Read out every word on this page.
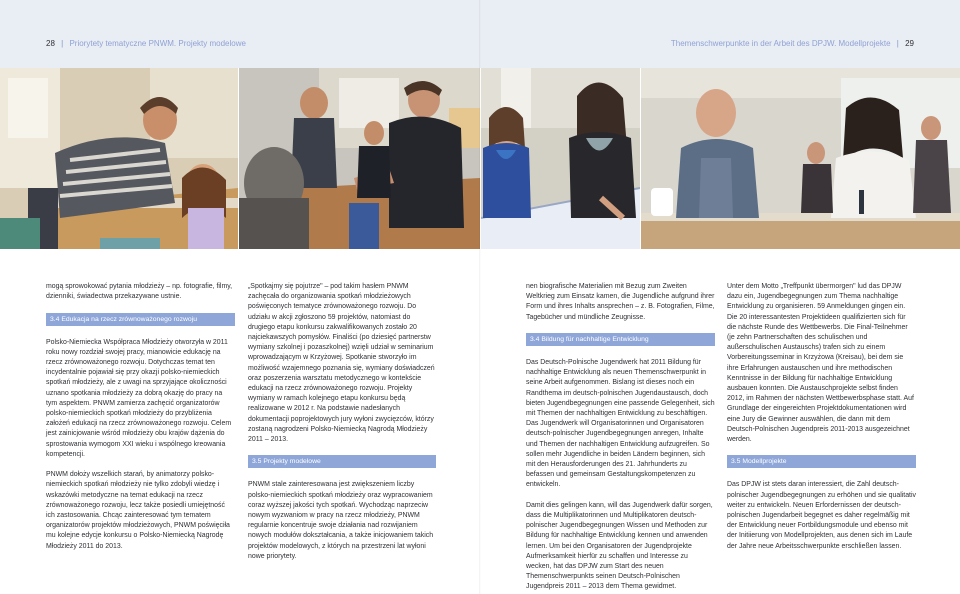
28 | Priorytety tematyczne PNWM. Projekty modelowe	Themenschwerpunkte in der Arbeit des DPJW. Modellprojekte | 29

mogą sprowokować pytania młodzieży – np. fotografie, filmy, dzienniki, świadectwa przekazywane ustnie.

3.4 Edukacja na rzecz zrównoważonego rozwoju

Polsko-Niemiecka Współpraca Młodzieży otworzyła w 2011 roku nowy rozdział swojej pracy, mianowicie edukację na rzecz zrównoważonego rozwoju. Dotychczas temat ten incydentalnie pojawiał się przy okazji polsko-niemieckich spotkań młodzieży, ale z uwagi na sprzyjające okoliczności uznano spotkania młodzieży za dobrą okazję do pracy na tym aspektem. PNWM zamierza zachęcić organizatorów polsko-niemieckich spotkań młodzieży do przybliżenia założeń edukacji na rzecz zrównoważonego rozwoju. Celem jest zainicjowanie wśród młodzieży obu krajów dążenia do sprostowania wymogom XXI wieku i wspólnego kreowania kompetencji.

PNWM dołoży wszelkich starań, by animatorzy polsko-niemieckich spotkań młodzieży nie tylko zdobyli wiedzę i wskazówki metodyczne na temat edukacji na rzecz zrównoważonego rozwoju, lecz także posiedli umiejętność ich zastosowania. Chcąc zainteresować tym tematem organizatorów projektów młodzieżowych, PNWM poświęciła mu kolejne edycje konkursu o Polsko-Niemiecką Nagrodę Młodzieży 2011 do 2013.

„Spotkajmy się pojutrze" – pod takim hasłem PNWM zachęcała do organizowania spotkań młodzieżowych poświęconych tematyce zrównoważonego rozwoju. Do udziału w akcji zgłoszono 59 projektów, natomiast do drugiego etapu konkursu zakwalifikowanych zostało 20 najciekawszych pomysłów. Finaliści (po dziesięć partnerstw wymiany szkolnej i pozaszkolnej) wzięli udział w seminarium wprowadzającym w Krzyżowej. Spotkanie stworzyło im możliwość wzajemnego poznania się, wymiany doświadczeń oraz poszerzenia warsztatu metodycznego w kontekście edukacji na rzecz zrównoważonego rozwoju. Projekty wymiany w ramach kolejnego etapu konkursu będą realizowane w 2012 r. Na podstawie nadesłanych dokumentacji poprojektowych jury wyłoni zwycięzców, którzy zostaną nagrodzeni Polsko-Niemiecką Nagrodą Młodzieży 2011 – 2013.

3.5 Projekty modelowe

PNWM stale zainteresowana jest zwiększeniem liczby polsko-niemieckich spotkań młodzieży oraz wypracowaniem coraz wyższej jakości tych spotkań. Wychodząc naprzeciw nowym wyzwaniom w pracy na rzecz młodzieży, PNWM regularnie koncentruje swoje działania nad rozwijaniem nowych modułów dokształcania, a także inicjowaniem takich projektów modelowych, z których na przestrzeni lat wyłoni nowe priorytety.

nen biografische Materialien mit Bezug zum Zweiten Weltkrieg zum Einsatz kamen, die Jugendliche aufgrund ihrer Form und ihres Inhalts ansprechen – z. B. Fotografien, Filme, Tagebücher und mündliche Zeugnisse.

3.4 Bildung für nachhaltige Entwicklung

Das Deutsch-Polnische Jugendwerk hat 2011 Bildung für nachhaltige Entwicklung als neuen Themenschwerpunkt in seine Arbeit aufgenommen. Bislang ist dieses noch ein Randthema im deutsch-polnischen Jugendaustausch, doch bieten Jugendbegegnungen eine passende Gelegenheit, sich mit Themen der nachhaltigen Entwicklung zu beschäftigen. Das Jugendwerk will Organisatorinnen und Organisatoren deutsch-polnischer Jugendbegegnungen anregen, Inhalte und Themen der nachhaltigen Entwicklung aufzugreifen. So sollen mehr Jugendliche in beiden Ländern beginnen, sich mit den Herausforderungen des 21. Jahrhunderts zu befassen und gemeinsam Gestaltungskompetenzen zu entwickeln.

Damit dies gelingen kann, will das Jugendwerk dafür sorgen, dass die Multiplikatorinnen und Multiplikatoren deutsch-polnischer Jugendbegegnungen Wissen und Methoden zur Bildung für nachhaltige Entwicklung kennen und anwenden lernen. Um bei den Organisatoren der Jugendprojekte Aufmerksamkeit hierfür zu schaffen und Interesse zu wecken, hat das DPJW zum Start des neuen Themenschwerpunkts seinen Deutsch-Polnischen Jugendpreis 2011 – 2013 dem Thema gewidmet.

Unter dem Motto „Treffpunkt übermorgen" lud das DPJW dazu ein, Jugendbegegnungen zum Thema nachhaltige Entwicklung zu organisieren. 59 Anmeldungen gingen ein. Die 20 interessantesten Projektideen qualifizierten sich für die nächste Runde des Wettbewerbs. Die Final-Teilnehmer (je zehn Partnerschaften des schulischen und außerschulischen Austauschs) trafen sich zu einem Vorbereitungsseminar in Krzyżowa (Kreisau), bei dem sie ihre Erfahrungen austauschen und ihre methodischen Kenntnisse in der Bildung für nachhaltige Entwicklung ausbauen konnten. Die Austauschprojekte selbst finden 2012, im Rahmen der nächsten Wettbewerbsphase statt. Auf Grundlage der eingereichten Projektdokumentationen wird eine Jury die Gewinner auswählen, die dann mit dem Deutsch-Polnischen Jugendpreis 2011-2013 ausgezeichnet werden.

3.5 Modellprojekte

Das DPJW ist stets daran interessiert, die Zahl deutsch-polnischer Jugendbegegnungen zu erhöhen und sie qualitativ weiter zu entwickeln. Neuen Erfordernissen der deutsch-polnischen Jugendarbeit begegnet es daher regelmäßig mit der Entwicklung neuer Fortbildungsmodule und ebenso mit der Initiierung von Modellprojekten, aus denen sich im Laufe der Jahre neue Arbeitsschwerpunkte erschließen lassen.
